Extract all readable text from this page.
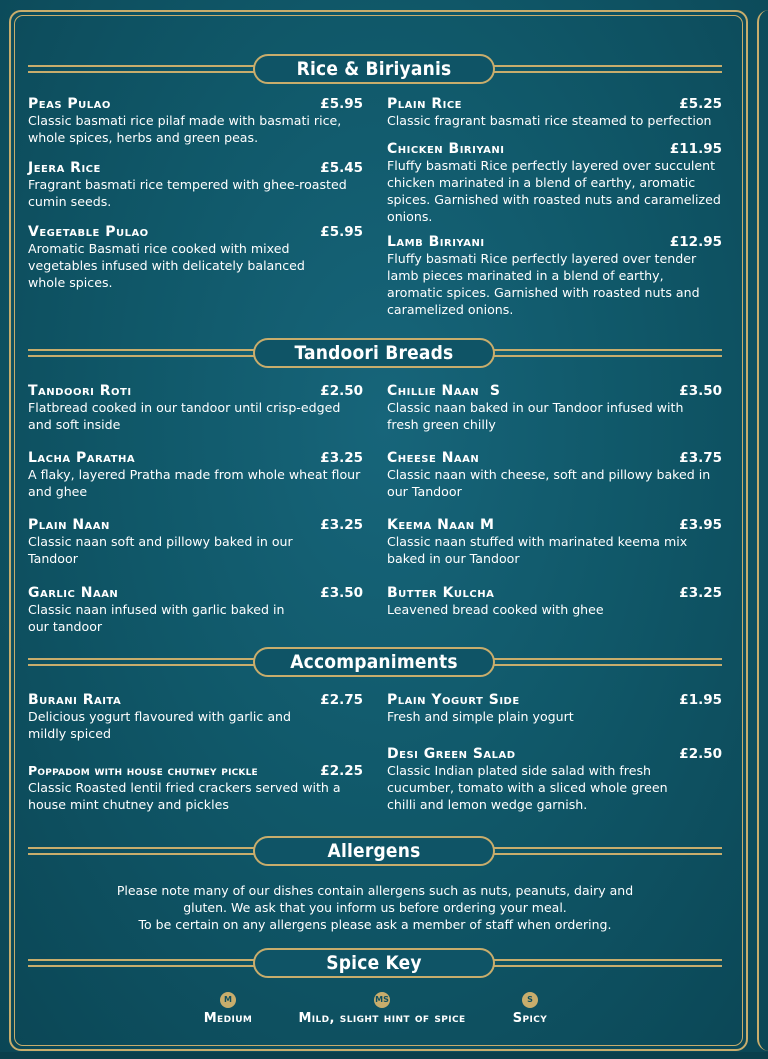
Rice & Biriyanis
Peas Pulao	£5.95
Classic basmati rice pilaf made with basmati rice, whole spices, herbs and green peas.
Jeera Rice	£5.45
Fragrant basmati rice tempered with ghee-roasted cumin seeds.
Vegetable Pulao	£5.95
Aromatic Basmati rice cooked with mixed vegetables infused with delicately balanced whole spices.
Plain Rice	£5.25
Classic fragrant basmati rice steamed to perfection
Chicken Biriyani	£11.95
Fluffy basmati Rice perfectly layered over succulent chicken marinated in a blend of earthy, aromatic spices. Garnished with roasted nuts and caramelized onions.
Lamb Biriyani	£12.95
Fluffy basmati Rice perfectly layered over tender lamb pieces marinated in a blend of earthy, aromatic spices. Garnished with roasted nuts and caramelized onions.
Tandoori Breads
Tandoori Roti	£2.50
Flatbread cooked in our tandoor until crisp-edged and soft inside
Lacha Paratha	£3.25
A flaky, layered Pratha made from whole wheat flour and ghee
Plain Naan	£3.25
Classic naan soft and pillowy baked in our Tandoor
Garlic Naan	£3.50
Classic naan infused with garlic baked in our tandoor
Chillie Naan  S	£3.50
Classic naan baked in our Tandoor infused with fresh green chilly
Cheese Naan	£3.75
Classic naan with cheese, soft and pillowy baked in our Tandoor
Keema Naan M	£3.95
Classic naan stuffed with marinated keema mix baked in our Tandoor
Butter Kulcha	£3.25
Leavened bread cooked with ghee
Accompaniments
Burani Raita	£2.75
Delicious yogurt flavoured with garlic and mildly spiced
Poppadom with house chutney pickle	£2.25
Classic Roasted lentil fried crackers served with a house mint chutney and pickles
Plain Yogurt Side	£1.95
Fresh and simple plain yogurt
Desi Green Salad	£2.50
Classic Indian plated side salad with fresh cucumber, tomato with a sliced whole green chilli and lemon wedge garnish.
Allergens
Please note many of our dishes contain allergens such as nuts, peanuts, dairy and
gluten. We ask that you inform us before ordering your meal.
To be certain on any allergens please ask a member of staff when ordering.
Spice Key
M
Medium
MS
Mild, slight hint of spice
S
Spicy
